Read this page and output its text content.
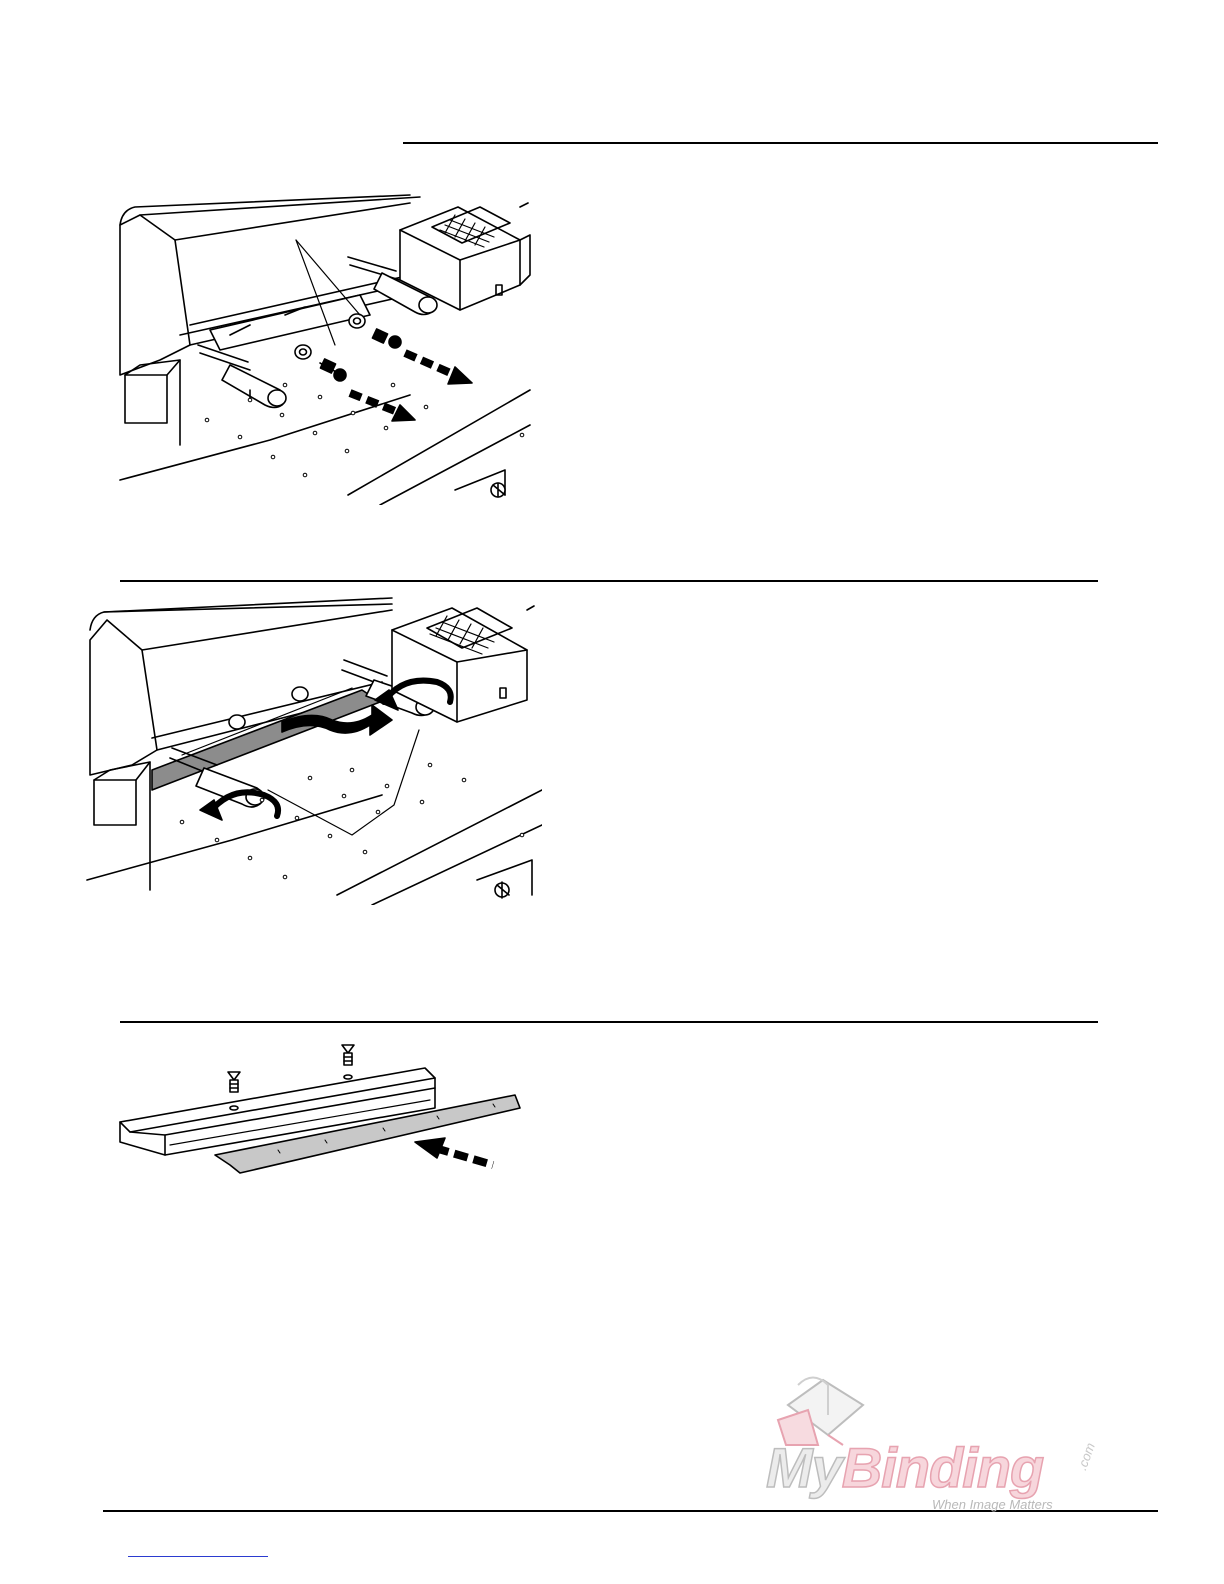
MyBinding .com
When Image Matters
